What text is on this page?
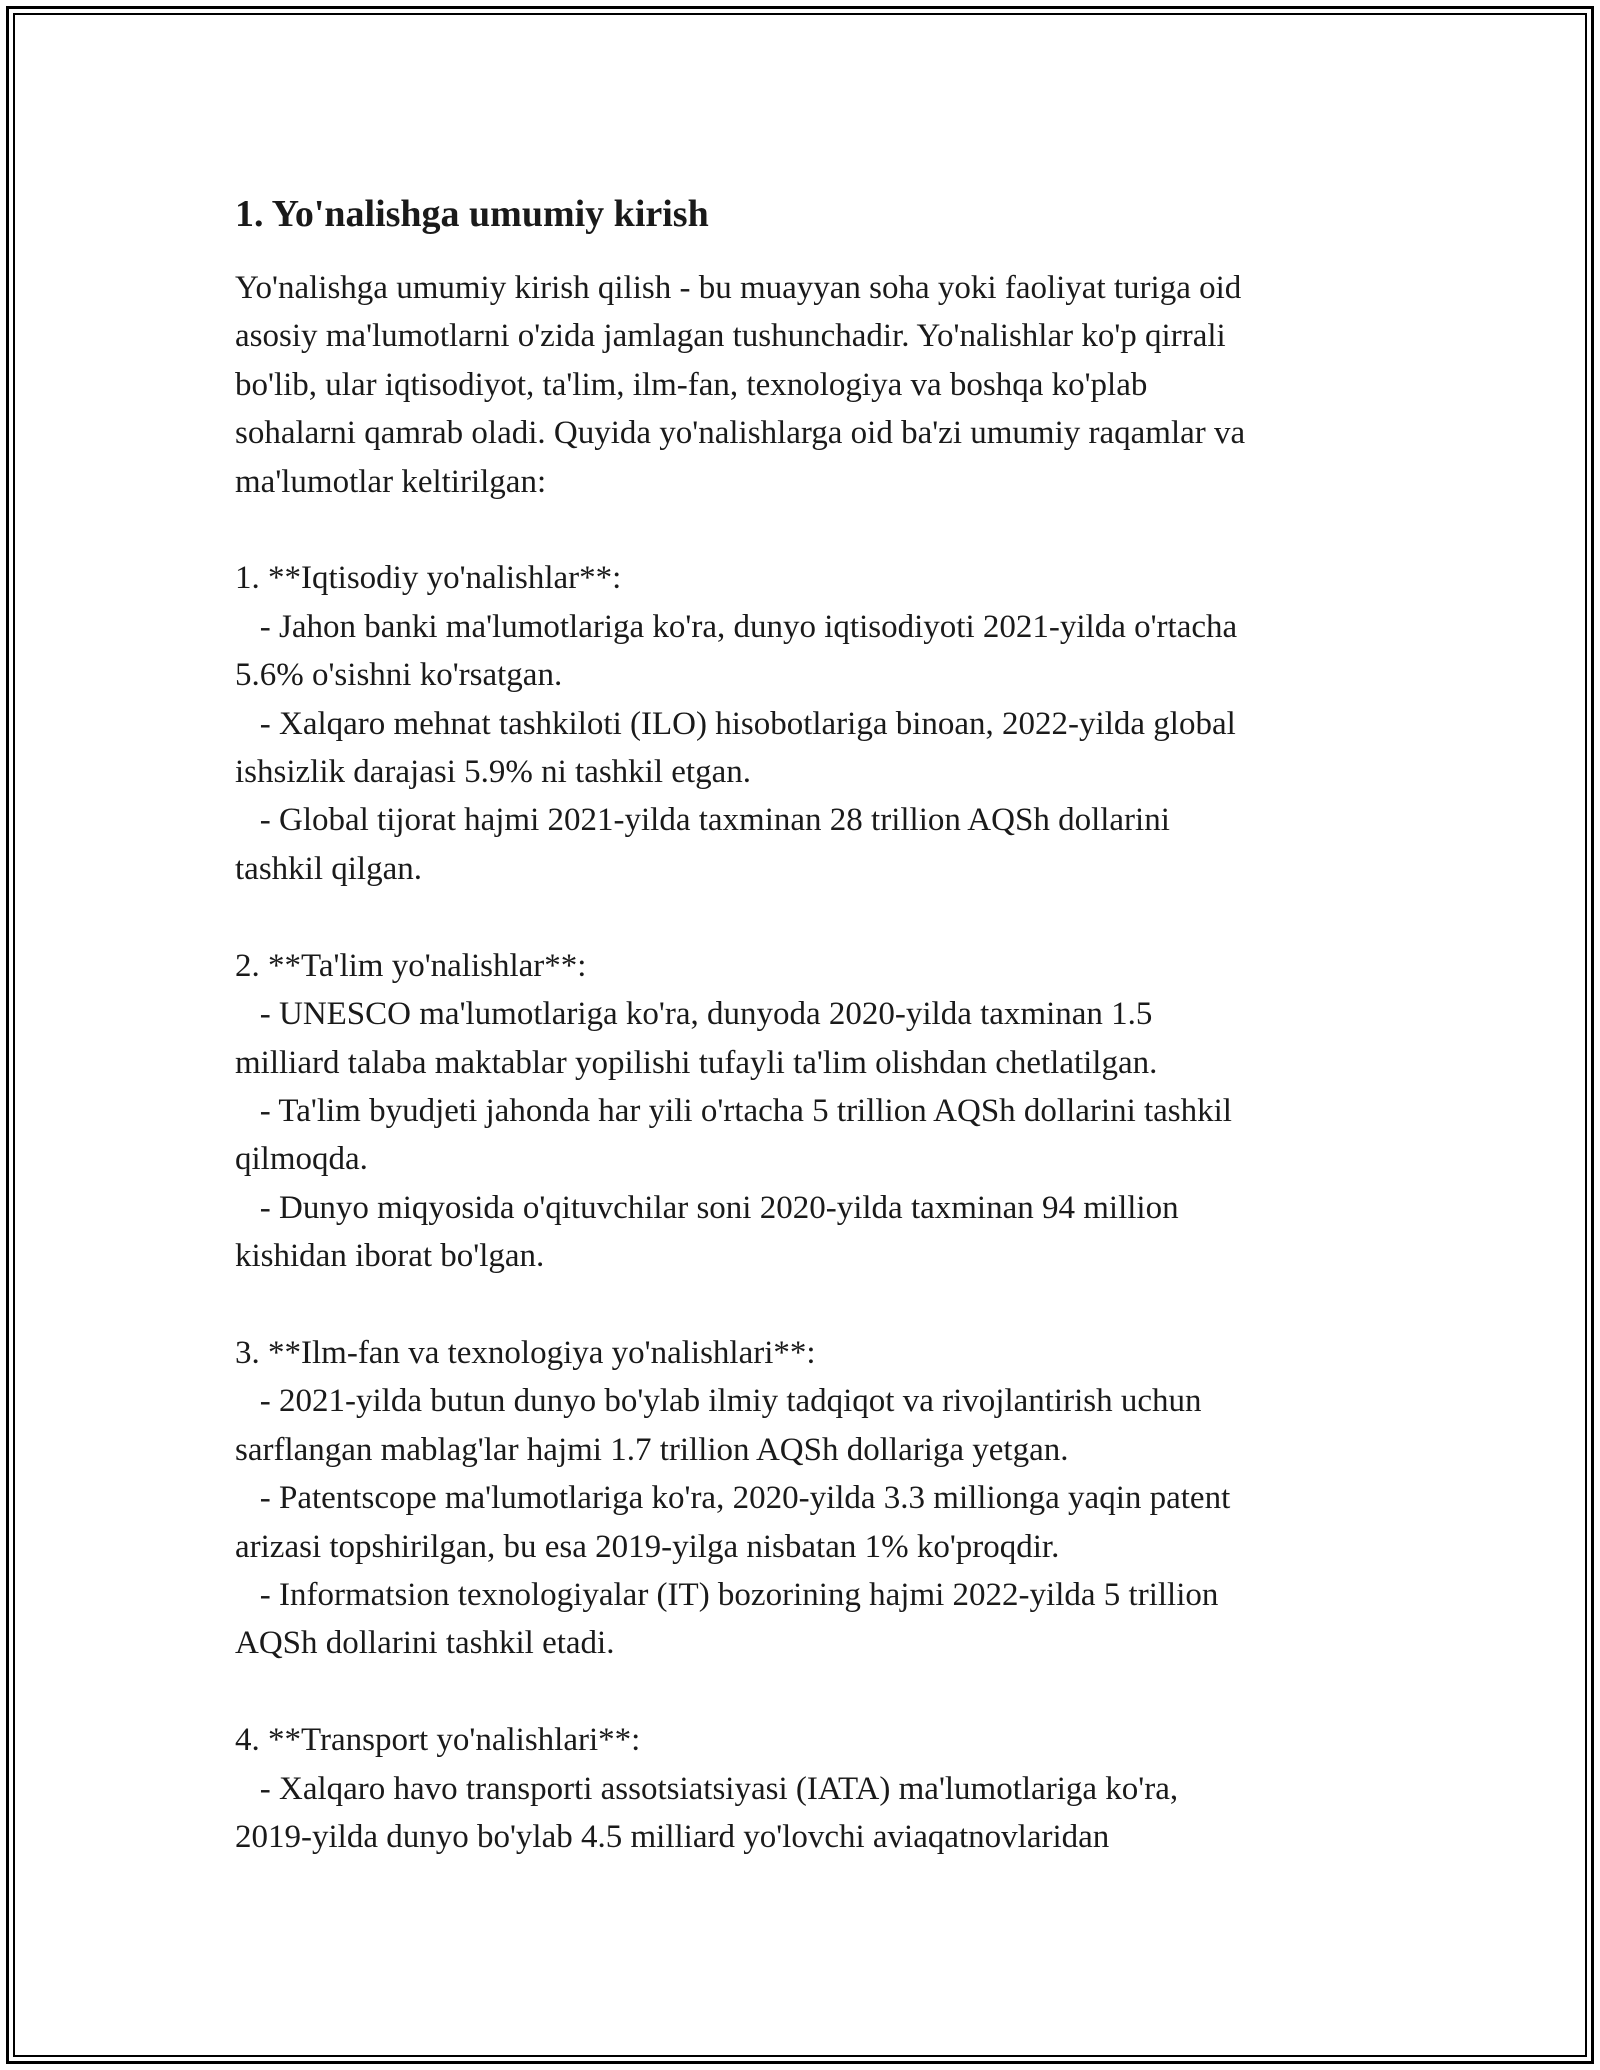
1. Yo'nalishga umumiy kirish

Yo'nalishga umumiy kirish qilish - bu muayyan soha yoki faoliyat turiga oid
asosiy ma'lumotlarni o'zida jamlagan tushunchadir. Yo'nalishlar ko'p qirrali
bo'lib, ular iqtisodiyot, ta'lim, ilm-fan, texnologiya va boshqa ko'plab
sohalarni qamrab oladi. Quyida yo'nalishlarga oid ba'zi umumiy raqamlar va
ma'lumotlar keltirilgan:

1. **Iqtisodiy yo'nalishlar**:
- Jahon banki ma'lumotlariga ko'ra, dunyo iqtisodiyoti 2021-yilda o'rtacha
5.6% o'sishni ko'rsatgan.
- Xalqaro mehnat tashkiloti (ILO) hisobotlariga binoan, 2022-yilda global
ishsizlik darajasi 5.9% ni tashkil etgan.
- Global tijorat hajmi 2021-yilda taxminan 28 trillion AQSh dollarini
tashkil qilgan.

2. **Ta'lim yo'nalishlar**:
- UNESCO ma'lumotlariga ko'ra, dunyoda 2020-yilda taxminan 1.5
milliard talaba maktablar yopilishi tufayli ta'lim olishdan chetlatilgan.
- Ta'lim byudjeti jahonda har yili o'rtacha 5 trillion AQSh dollarini tashkil
qilmoqda.
- Dunyo miqyosida o'qituvchilar soni 2020-yilda taxminan 94 million
kishidan iborat bo'lgan.

3. **Ilm-fan va texnologiya yo'nalishlari**:
- 2021-yilda butun dunyo bo'ylab ilmiy tadqiqot va rivojlantirish uchun
sarflangan mablag'lar hajmi 1.7 trillion AQSh dollariga yetgan.
- Patentscope ma'lumotlariga ko'ra, 2020-yilda 3.3 millionga yaqin patent
arizasi topshirilgan, bu esa 2019-yilga nisbatan 1% ko'proqdir.
- Informatsion texnologiyalar (IT) bozorining hajmi 2022-yilda 5 trillion
AQSh dollarini tashkil etadi.

4. **Transport yo'nalishlari**:
- Xalqaro havo transporti assotsiatsiyasi (IATA) ma'lumotlariga ko'ra,
2019-yilda dunyo bo'ylab 4.5 milliard yo'lovchi aviaqatnovlaridan
